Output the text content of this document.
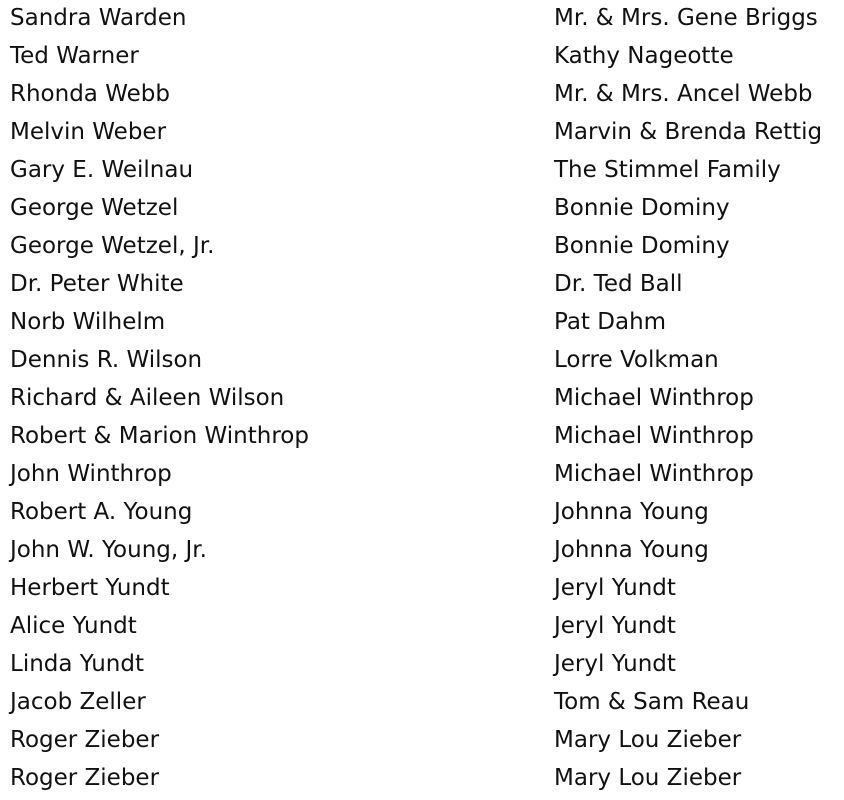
Sandra Warden	Mr. & Mrs. Gene Briggs
Ted Warner	Kathy Nageotte
Rhonda Webb	Mr. & Mrs. Ancel Webb
Melvin Weber	Marvin & Brenda Rettig
Gary E. Weilnau	The Stimmel Family
George Wetzel	Bonnie Dominy
George Wetzel, Jr.	Bonnie Dominy
Dr. Peter White	Dr. Ted Ball
Norb Wilhelm	Pat Dahm
Dennis R. Wilson	Lorre Volkman
Richard & Aileen Wilson	Michael Winthrop
Robert & Marion Winthrop	Michael Winthrop
John Winthrop	Michael Winthrop
Robert A. Young	Johnna Young
John W. Young, Jr.	Johnna Young
Herbert Yundt	Jeryl Yundt
Alice Yundt	Jeryl Yundt
Linda Yundt	Jeryl Yundt
Jacob Zeller	Tom & Sam Reau
Roger Zieber	Mary Lou Zieber
Roger Zieber	Mary Lou Zieber
